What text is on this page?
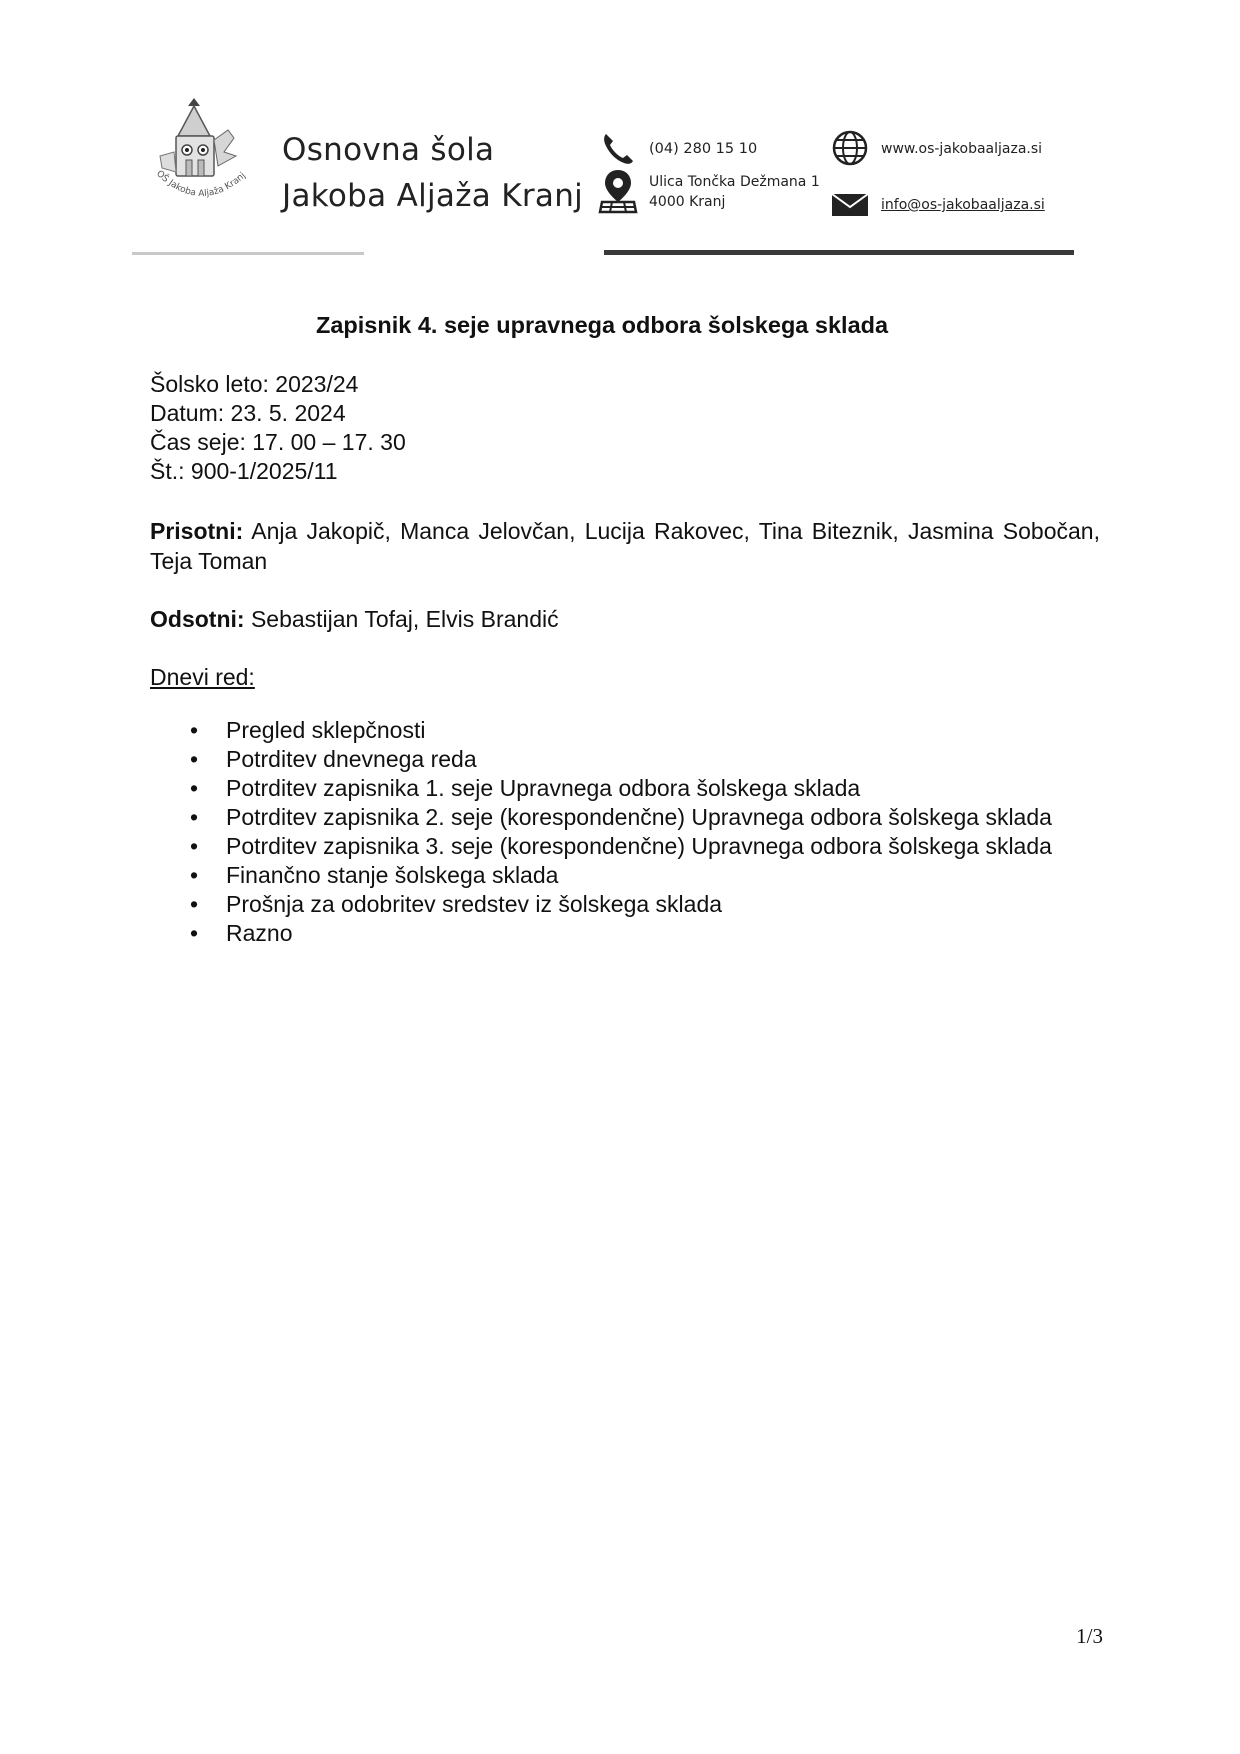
OŠ Jakoba Aljaža Kranj
Osnovna šola
Jakoba Aljaža Kranj
(04) 280 15 10
Ulica Tončka Dežmana 1
4000 Kranj
www.os-jakobaaljaza.si
info@os-jakobaaljaza.si
Zapisnik 4. seje upravnega odbora šolskega sklada
Šolsko leto: 2023/24
Datum: 23. 5. 2024
Čas seje: 17. 00 – 17. 30
Št.: 900-1/2025/11
Prisotni: Anja Jakopič, Manca Jelovčan, Lucija Rakovec, Tina Biteznik, Jasmina Sobočan, Teja Toman
Odsotni: Sebastijan Tofaj, Elvis Brandić
Dnevi red:
•	Pregled sklepčnosti
•	Potrditev dnevnega reda
•	Potrditev zapisnika 1. seje Upravnega odbora šolskega sklada
•	Potrditev zapisnika 2. seje (korespondenčne) Upravnega odbora šolskega sklada
•	Potrditev zapisnika 3. seje (korespondenčne) Upravnega odbora šolskega sklada
•	Finančno stanje šolskega sklada
•	Prošnja za odobritev sredstev iz šolskega sklada
•	Razno
1/3
